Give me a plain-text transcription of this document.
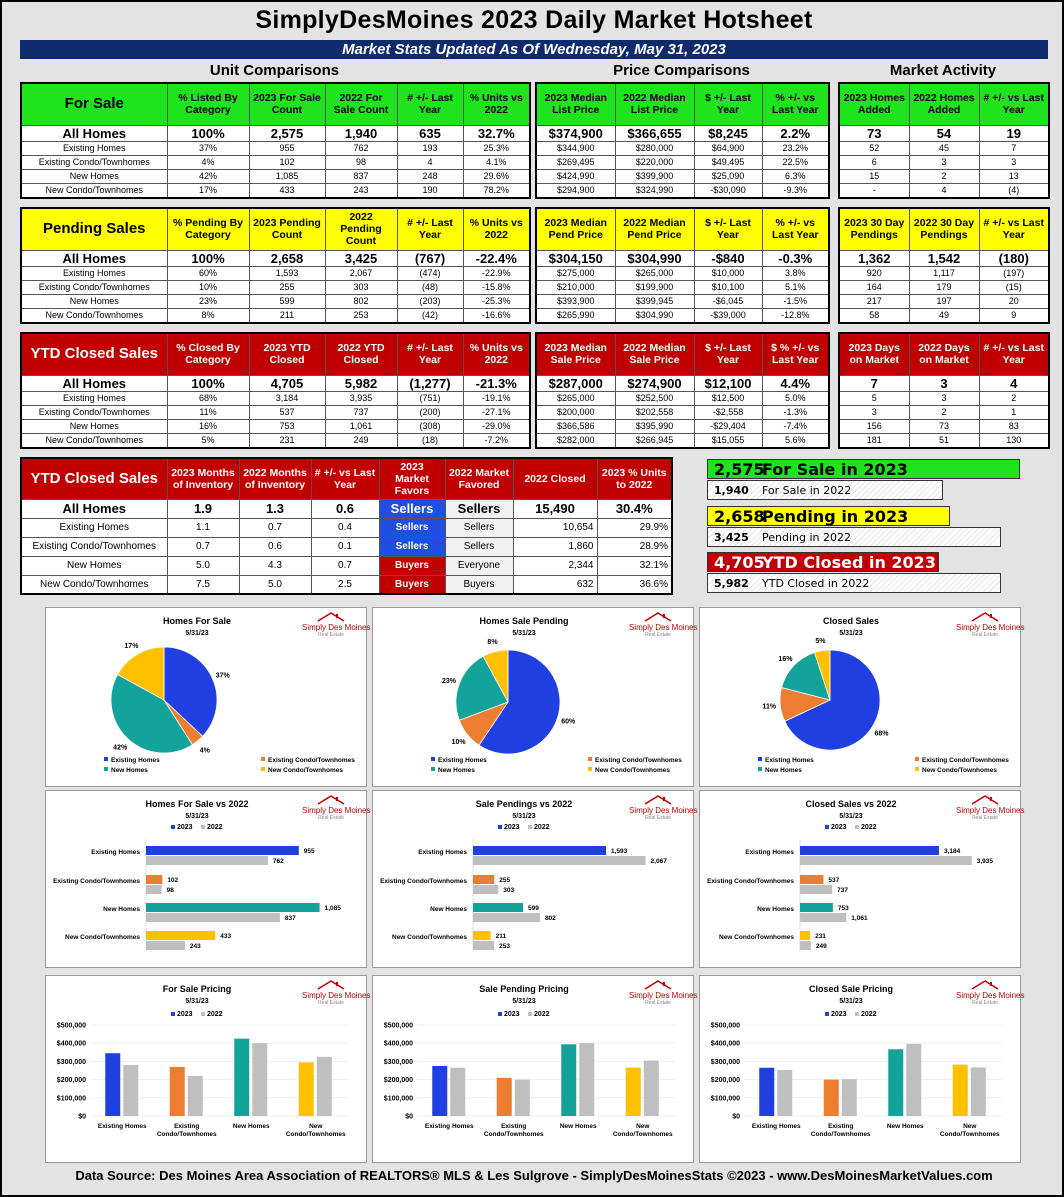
SimplyDesMoines 2023 Daily Market Hotsheet
Market Stats Updated As Of Wednesday, May 31, 2023
Unit Comparisons	Price Comparisons	Market Activity
For Sale	% Listed By Category	2023 For Sale Count	2022 For Sale Count	# +/- Last Year	% Units vs 2022
All Homes	100%	2,575	1,940	635	32.7%
Existing Homes	37%	955	762	193	25.3%
Existing Condo/Townhomes	4%	102	98	4	4.1%
New Homes	42%	1,085	837	248	29.6%
New Condo/Townhomes	17%	433	243	190	78.2%
2023 Median List Price	2022 Median List Price	$ +/- Last Year	% +/- vs Last Year
$374,900	$366,655	$8,245	2.2%
$344,900	$280,000	$64,900	23.2%
$269,495	$220,000	$49,495	22.5%
$424,990	$399,900	$25,090	6.3%
$294,900	$324,990	-$30,090	-9.3%
2023 Homes Added	2022 Homes Added	# +/- vs Last Year
73	54	19
52	45	7
6	3	3
15	2	13
-	4	(4)
Pending Sales	% Pending By Category	2023 Pending Count	2022 Pending Count	# +/- Last Year	% Units vs 2022
All Homes	100%	2,658	3,425	(767)	-22.4%
Existing Homes	60%	1,593	2,067	(474)	-22.9%
Existing Condo/Townhomes	10%	255	303	(48)	-15.8%
New Homes	23%	599	802	(203)	-25.3%
New Condo/Townhomes	8%	211	253	(42)	-16.6%
2023 Median Pend Price	2022 Median Pend Price	$ +/- Last Year	% +/- vs Last Year
$304,150	$304,990	-$840	-0.3%
$275,000	$265,000	$10,000	3.8%
$210,000	$199,900	$10,100	5.1%
$393,900	$399,945	-$6,045	-1.5%
$265,990	$304,990	-$39,000	-12.8%
2023 30 Day Pendings	2022 30 Day Pendings	# +/- vs Last Year
1,362	1,542	(180)
920	1,117	(197)
164	179	(15)
217	197	20
58	49	9
YTD Closed Sales	% Closed By Category	2023 YTD Closed	2022 YTD Closed	# +/- Last Year	% Units vs 2022
All Homes	100%	4,705	5,982	(1,277)	-21.3%
Existing Homes	68%	3,184	3,935	(751)	-19.1%
Existing Condo/Townhomes	11%	537	737	(200)	-27.1%
New Homes	16%	753	1,061	(308)	-29.0%
New Condo/Townhomes	5%	231	249	(18)	-7.2%
2023 Median Sale Price	2022 Median Sale Price	$ +/- Last Year	$ % +/- vs Last Year
$287,000	$274,900	$12,100	4.4%
$265,000	$252,500	$12,500	5.0%
$200,000	$202,558	-$2,558	-1.3%
$366,586	$395,990	-$29,404	-7.4%
$282,000	$266,945	$15,055	5.6%
2023 Days on Market	2022 Days on Market	# +/- vs Last Year
7	3	4
5	3	2
3	2	1
156	73	83
181	51	130
YTD Closed Sales	2023 Months of Inventory	2022 Months of Inventory	# +/- vs Last Year	2023 Market Favors	2022 Market Favored	2022 Closed	2023 % Units to 2022
All Homes	1.9	1.3	0.6	Sellers	Sellers	15,490	30.4%
Existing Homes	1.1	0.7	0.4	Sellers	Sellers	10,654	29.9%
Existing Condo/Townhomes	0.7	0.6	0.1	Sellers	Sellers	1,860	28.9%
New Homes	5.0	4.3	0.7	Buyers	Everyone	2,344	32.1%
New Condo/Townhomes	7.5	5.0	2.5	Buyers	Buyers	632	36.6%
2,575For Sale in 2023
1,940 For Sale in 2022
2,658Pending in 2023
3,425 Pending in 2022
4,705YTD Closed in 2023
5,982 YTD Closed in 2022
Simply Des Moines
Real Estate
Homes For Sale
5/31/23
37%
4%
42%
17%
Existing Homes	Existing Condo/Townhomes
New Homes	New Condo/Townhomes
Simply Des Moines
Real Estate
Homes Sale Pending
5/31/23
60%
10%
23%
8%
Existing Homes	Existing Condo/Townhomes
New Homes	New Condo/Townhomes
Simply Des Moines
Real Estate
Closed Sales
5/31/23
68%
11%
16%
5%
Existing Homes	Existing Condo/Townhomes
New Homes	New Condo/Townhomes
Simply Des Moines
Real Estate
Homes For Sale vs 2022
5/31/23
2023 2022
Existing Homes	955
762
Existing Condo/Townhomes	102
98
New Homes	1,085
837
New Condo/Townhomes	433
243
Simply Des Moines
Real Estate
Sale Pendings vs 2022
5/31/23
2023 2022
Existing Homes	1,593
2,067
Existing Condo/Townhomes	255
303
New Homes	599
802
New Condo/Townhomes	211
253
Simply Des Moines
Real Estate
Closed Sales vs 2022
5/31/23
2023 2022
Existing Homes	3,184
3,935
Existing Condo/Townhomes	537
737
New Homes	753
1,061
New Condo/Townhomes	231
249
Simply Des Moines
Real Estate
For Sale Pricing
5/31/23
2023 2022
$0
$100,000
$200,000
$300,000
$400,000
$500,000
Existing Homes	Existing Condo/Townhomes
New Homes	New Condo/Townhomes
Simply Des Moines
Real Estate
Sale Pending Pricing
5/31/23
2023 2022
$0
$100,000
$200,000
$300,000
$400,000
$500,000
Existing Homes	Existing Condo/Townhomes
New Homes	New Condo/Townhomes
Simply Des Moines
Real Estate
Closed Sale Pricing
5/31/23
2023 2022
$0
$100,000
$200,000
$300,000
$400,000
$500,000
Existing Homes	Existing Condo/Townhomes
New Homes	New Condo/Townhomes
Data Source: Des Moines Area Association of REALTORS® MLS & Les Sulgrove - SimplyDesMoinesStats ©2023 - www.DesMoinesMarketValues.com
